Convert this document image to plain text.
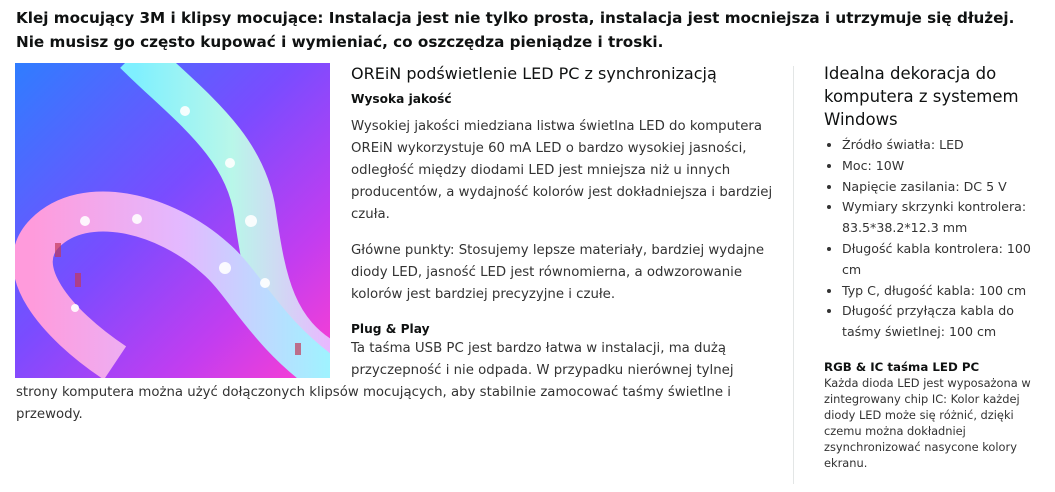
Klej mocujący 3M i klipsy mocujące: Instalacja jest nie tylko prosta, instalacja jest mocniejsza i utrzymuje się dłużej. Nie musisz go często kupować i wymieniać, co oszczędza pieniądze i troski.
OREiN podświetlenie LED PC z synchronizacją
Wysoka jakość

Wysokiej jakości miedziana listwa świetlna LED do komputera OREiN wykorzystuje 60 mA LED o bardzo wysokiej jasności, odległość między diodami LED jest mniejsza niż u innych producentów, a wydajność kolorów jest dokładniejsza i bardziej czuła.

Główne punkty: Stosujemy lepsze materiały, bardziej wydajne diody LED, jasność LED jest równomierna, a odwzorowanie kolorów jest bardziej precyzyjne i czułe.

Plug & Play
Ta taśma USB PC jest bardzo łatwa w instalacji, ma dużą przyczepność i nie odpada. W przypadku nierównej tylnej strony komputera można użyć dołączonych klipsów mocujących, aby stabilnie zamocować taśmy świetlne i przewody.
Idealna dekoracja do komputera z systemem Windows
• Źródło światła: LED
• Moc: 10W
• Napięcie zasilania: DC 5 V
• Wymiary skrzynki kontrolera: 83.5*38.2*12.3 mm
• Długość kabla kontrolera: 100 cm
• Typ C, długość kabla: 100 cm
• Długość przyłącza kabla do taśmy świetlnej: 100 cm
RGB & IC taśma LED PC
Każda dioda LED jest wyposażona w zintegrowany chip IC: Kolor każdej diody LED może się różnić, dzięki czemu można dokładniej zsynchronizować nasycone kolory ekranu.
